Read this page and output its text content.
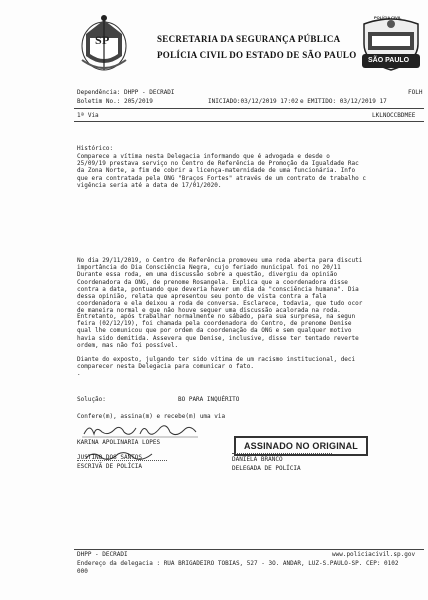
SP
POLÍCIA CIVIL
SÃO PAULO
SECRETARIA DA SEGURANÇA PÚBLICA
POLÍCIA CIVIL DO ESTADO DE SÃO PAULO
Dependência: DHPP - DECRADI	FOLH
Boletim No.: 205/2019	INICIADO:03/12/2019 17:02 e EMITIDO: 03/12/2019 17
1ª Via	LKLNOCCBDMEE
Histórico:
Comparece a vítima nesta Delegacia informando que é advogada e desde o
25/09/19 prestava serviço no Centro de Referência de Promoção da Igualdade Rac
da Zona Norte, a fim de cobrir a licença-maternidade de uma funcionária. Info
que era contratada pela ONG "Braços Fortes" através de um contrato de trabalho c
vigência seria até a data de 17/01/2020.
No dia 29/11/2019, o Centro de Referência promoveu uma roda aberta para discuti
importância do Dia Consciência Negra, cujo feriado municipal foi no 20/11
Durante essa roda, em uma discussão sobre a questão, divergiu da opinião
Coordenadora da ONG, de prenome Rosangela. Explica que a coordenadora disse
contra a data, pontuando que deveria haver um dia da "consciência humana". Dia
dessa opinião, relata que apresentou seu ponto de vista contra a fala
coordenadora e ela deixou a roda de conversa. Esclarece, todavia, que tudo ocor
de maneira normal e que não houve sequer uma discussão acalorada na roda.
Entretanto, após trabalhar normalmente no sábado, para sua surpresa, na segun
feira (02/12/19), foi chamada pela coordenadora do Centro, de prenome Denise
qual lhe comunicou que por ordem da coordenação da ONG e sem qualquer motivo
havia sido demitida. Assevera que Denise, inclusive, disse ter tentado reverte
ordem, mas não foi possível.
Diante do exposto, julgando ter sido vítima de um racismo institucional, deci
comparecer nesta Delegacia para comunicar o fato.
.
Solução:	BO PARA INQUÉRITO
Confere(m), assina(m) e recebe(m) uma via
KARINA APOLINARIA LOPES	ASSINADO NO ORIGINAL
JUSTINO DOS SANTOS
ESCRIVÃ DE POLÍCIA
DANIELA BRANCO
DELEGADA DE POLÍCIA
DHPP - DECRADI	www.policiacivil.sp.gov
Endereço da delegacia : RUA BRIGADEIRO TOBIAS, 527 - 3O. ANDAR, LUZ-S.PAULO-SP. CEP: 0102
000
